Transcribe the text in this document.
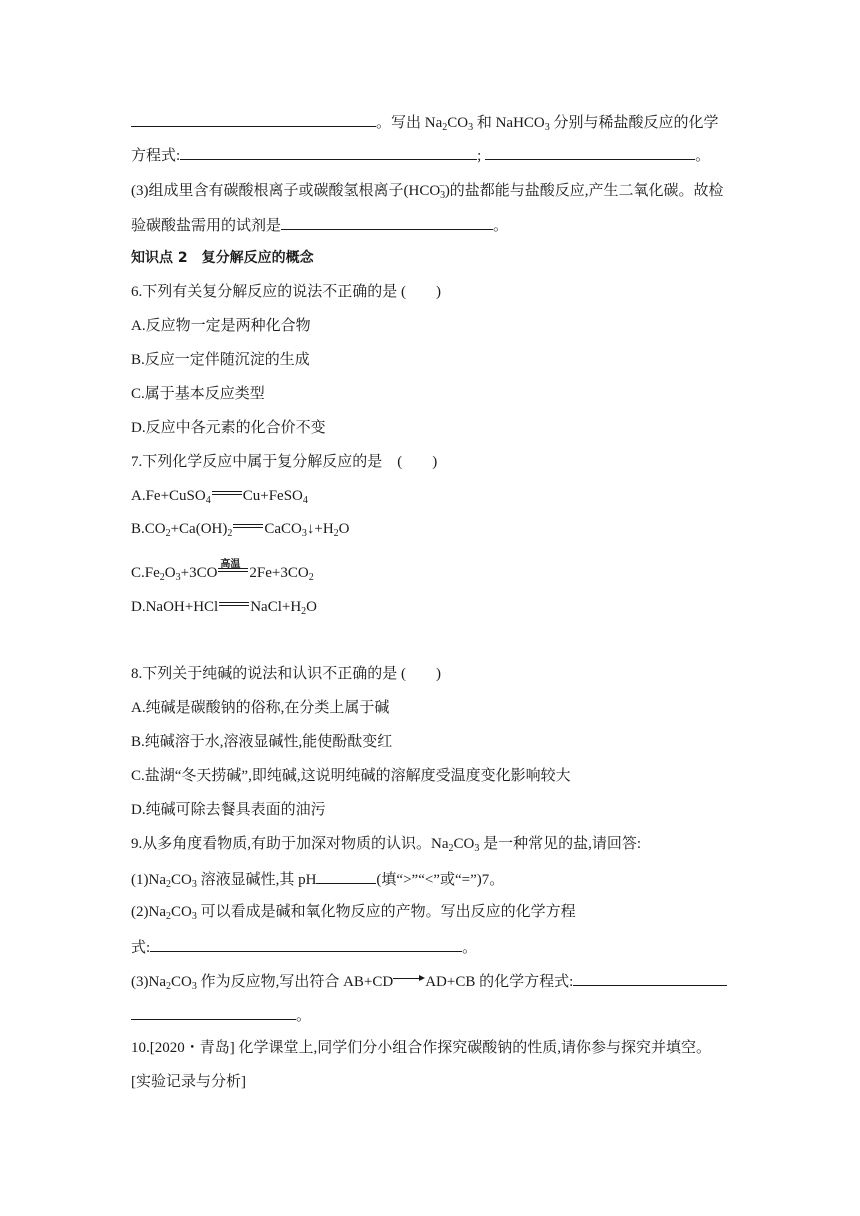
。写出 $Na_2CO_3$ 和 NaHCO$_3$ 分别与稀盐酸反应的化学
方程式:	;	。
(3)组成里含有碳酸根离子或碳酸氢根离子$(HCO_3^-)$的盐都能与盐酸反应,产生二氧化碳。故检
验碳酸盐需用的试剂是	。
知识点 2　复分解反应的概念
6.下列有关复分解反应的说法不正确的是 (　　)
A.反应物一定是两种化合物
B.反应一定伴随沉淀的生成
C.属于基本反应类型
D.反应中各元素的化合价不变
7.下列化学反应中属于复分解反应的是　(　　)
A.Fe+CuSO$_4$ Cu+FeSO$_4$
$B.CO_2+Ca(OH)_2$ $CaCO_3↓+H_2O$
$C.Fe_2O_3+3CO$
高温
$2Fe+3CO_2$
D.NaOH+HCl $NaCl+H_2O$
8.下列关于纯碱的说法和认识不正确的是 (　　)
A.纯碱是碳酸钠的俗称,在分类上属于碱
B.纯碱溶于水,溶液显碱性,能使酚酞变红
C.盐湖“冬天捞碱”,即纯碱,这说明纯碱的溶解度受温度变化影响较大
D.纯碱可除去餐具表面的油污
9.从多角度看物质,有助于加深对物质的认识。$Na_2CO_3$ 是一种常见的盐,请回答:
$(1)Na_2CO_3$ 溶液显碱性,其 pH	(填“>”“<”或“=”)7。
$(2)Na_2CO_3$ 可以看成是碱和氧化物反应的产物。写出反应的化学方程
式:	。
$(3)Na_2CO_3$ 作为反应物,写出符合 AB+CD AD+CB 的化学方程式:
。
10.[2020・青岛] 化学课堂上,同学们分小组合作探究碳酸钠的性质,请你参与探究并填空。
[实验记录与分析]
